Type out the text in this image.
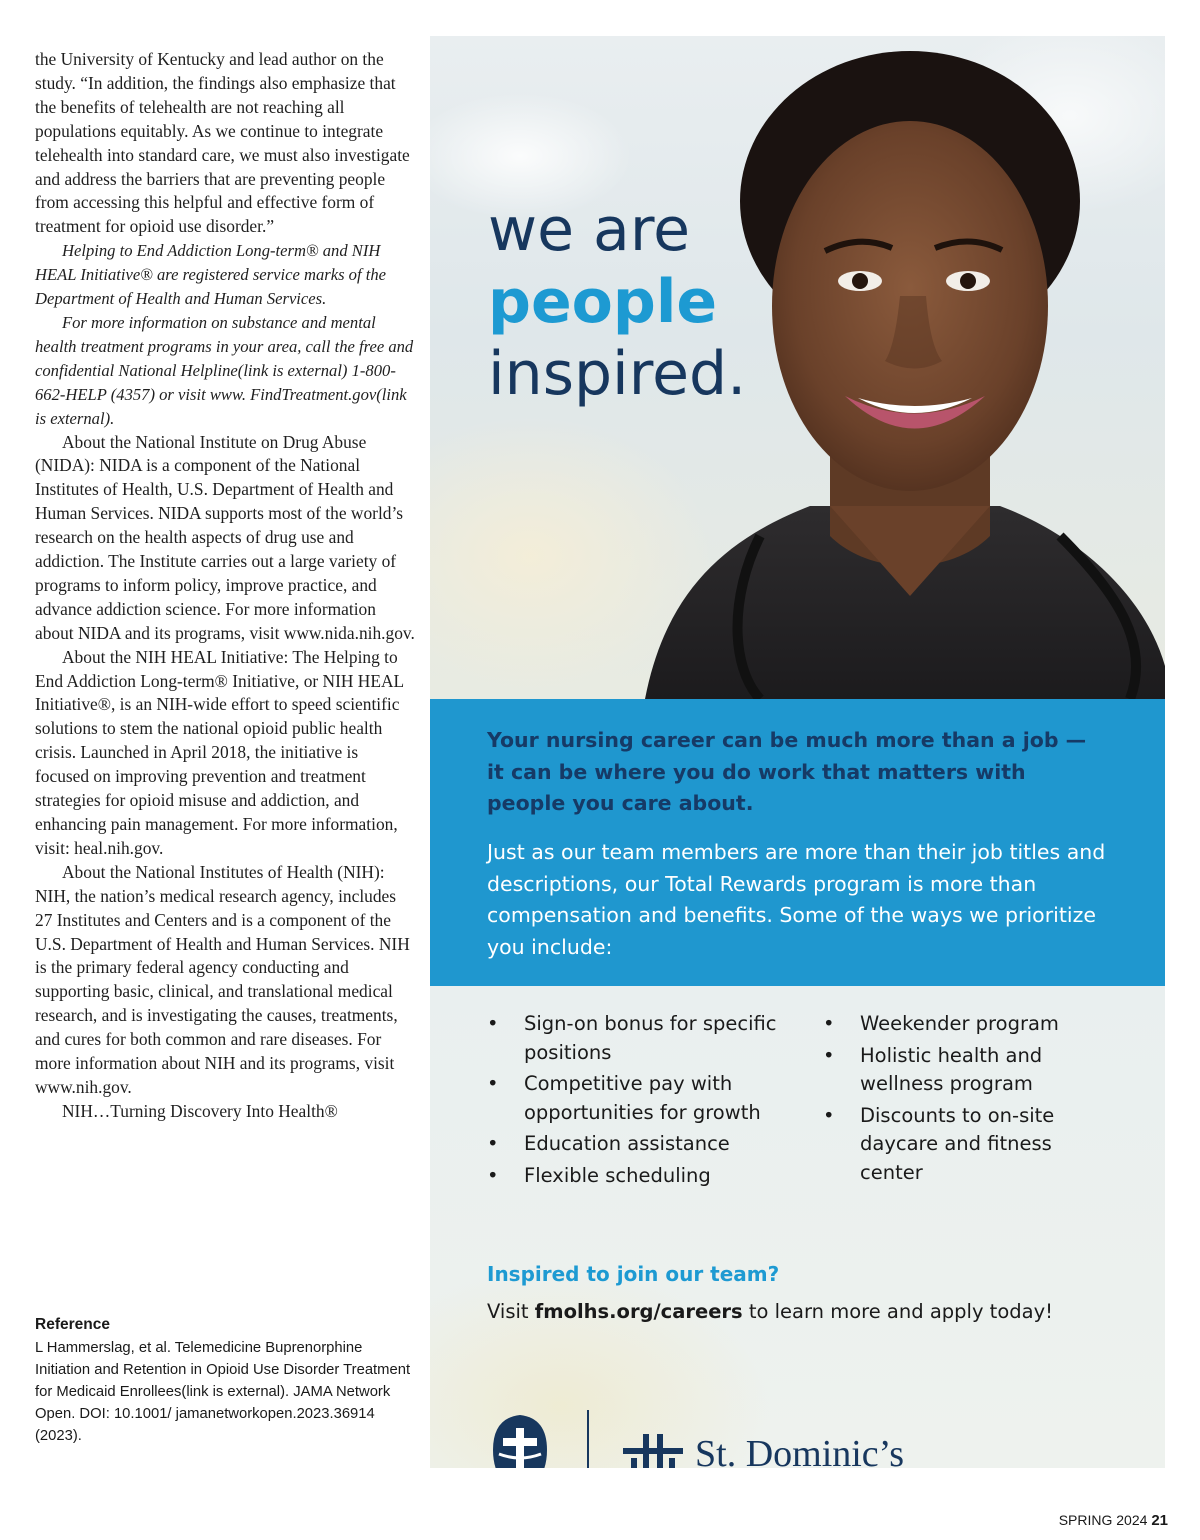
the University of Kentucky and lead author on the study. “In addition, the findings also emphasize that the benefits of telehealth are not reaching all populations equitably. As we continue to integrate telehealth into standard care, we must also investigate and address the barriers that are preventing people from accessing this helpful and effective form of treatment for opioid use disorder.”

Helping to End Addiction Long-term® and NIH HEAL Initiative® are registered service marks of the Department of Health and Human Services.

For more information on substance and mental health treatment programs in your area, call the free and confidential National Helpline(link is external) 1-800-662-HELP (4357) or visit www. FindTreatment.gov(link is external).

About the National Institute on Drug Abuse (NIDA): NIDA is a component of the National Institutes of Health, U.S. Department of Health and Human Services. NIDA supports most of the world’s research on the health aspects of drug use and addiction. The Institute carries out a large variety of programs to inform policy, improve practice, and advance addiction science. For more information about NIDA and its programs, visit www.nida.nih.gov.

About the NIH HEAL Initiative: The Helping to End Addiction Long-term® Initiative, or NIH HEAL Initiative®, is an NIH-wide effort to speed scientific solutions to stem the national opioid public health crisis. Launched in April 2018, the initiative is focused on improving prevention and treatment strategies for opioid misuse and addiction, and enhancing pain management. For more information, visit: heal.nih.gov.

About the National Institutes of Health (NIH): NIH, the nation’s medical research agency, includes 27 Institutes and Centers and is a component of the U.S. Department of Health and Human Services. NIH is the primary federal agency conducting and supporting basic, clinical, and translational medical research, and is investigating the causes, treatments, and cures for both common and rare diseases. For more information about NIH and its programs, visit www.nih.gov.

NIH…Turning Discovery Into Health®

Reference
L Hammerslag, et al. Telemedicine Buprenorphine Initiation and Retention in Opioid Use Disorder Treatment for Medicaid Enrollees(link is external). JAMA Network Open. DOI: 10.1001/ jamanetworkopen.2023.36914 (2023).
we are
people
inspired.
Your nursing career can be much more than a job — it can be where you do work that matters with people you care about.
Just as our team members are more than their job titles and descriptions, our Total Rewards program is more than compensation and benefits. Some of the ways we prioritize you include:
• Sign-on bonus for specific positions
• Competitive pay with opportunities for growth
• Education assistance
• Flexible scheduling
• Weekender program
• Holistic health and wellness program
• Discounts to on-site daycare and fitness center
Inspired to join our team?
Visit fmolhs.org/careers to learn more and apply today!
St. Dominic’s
SPRING 2024 21
